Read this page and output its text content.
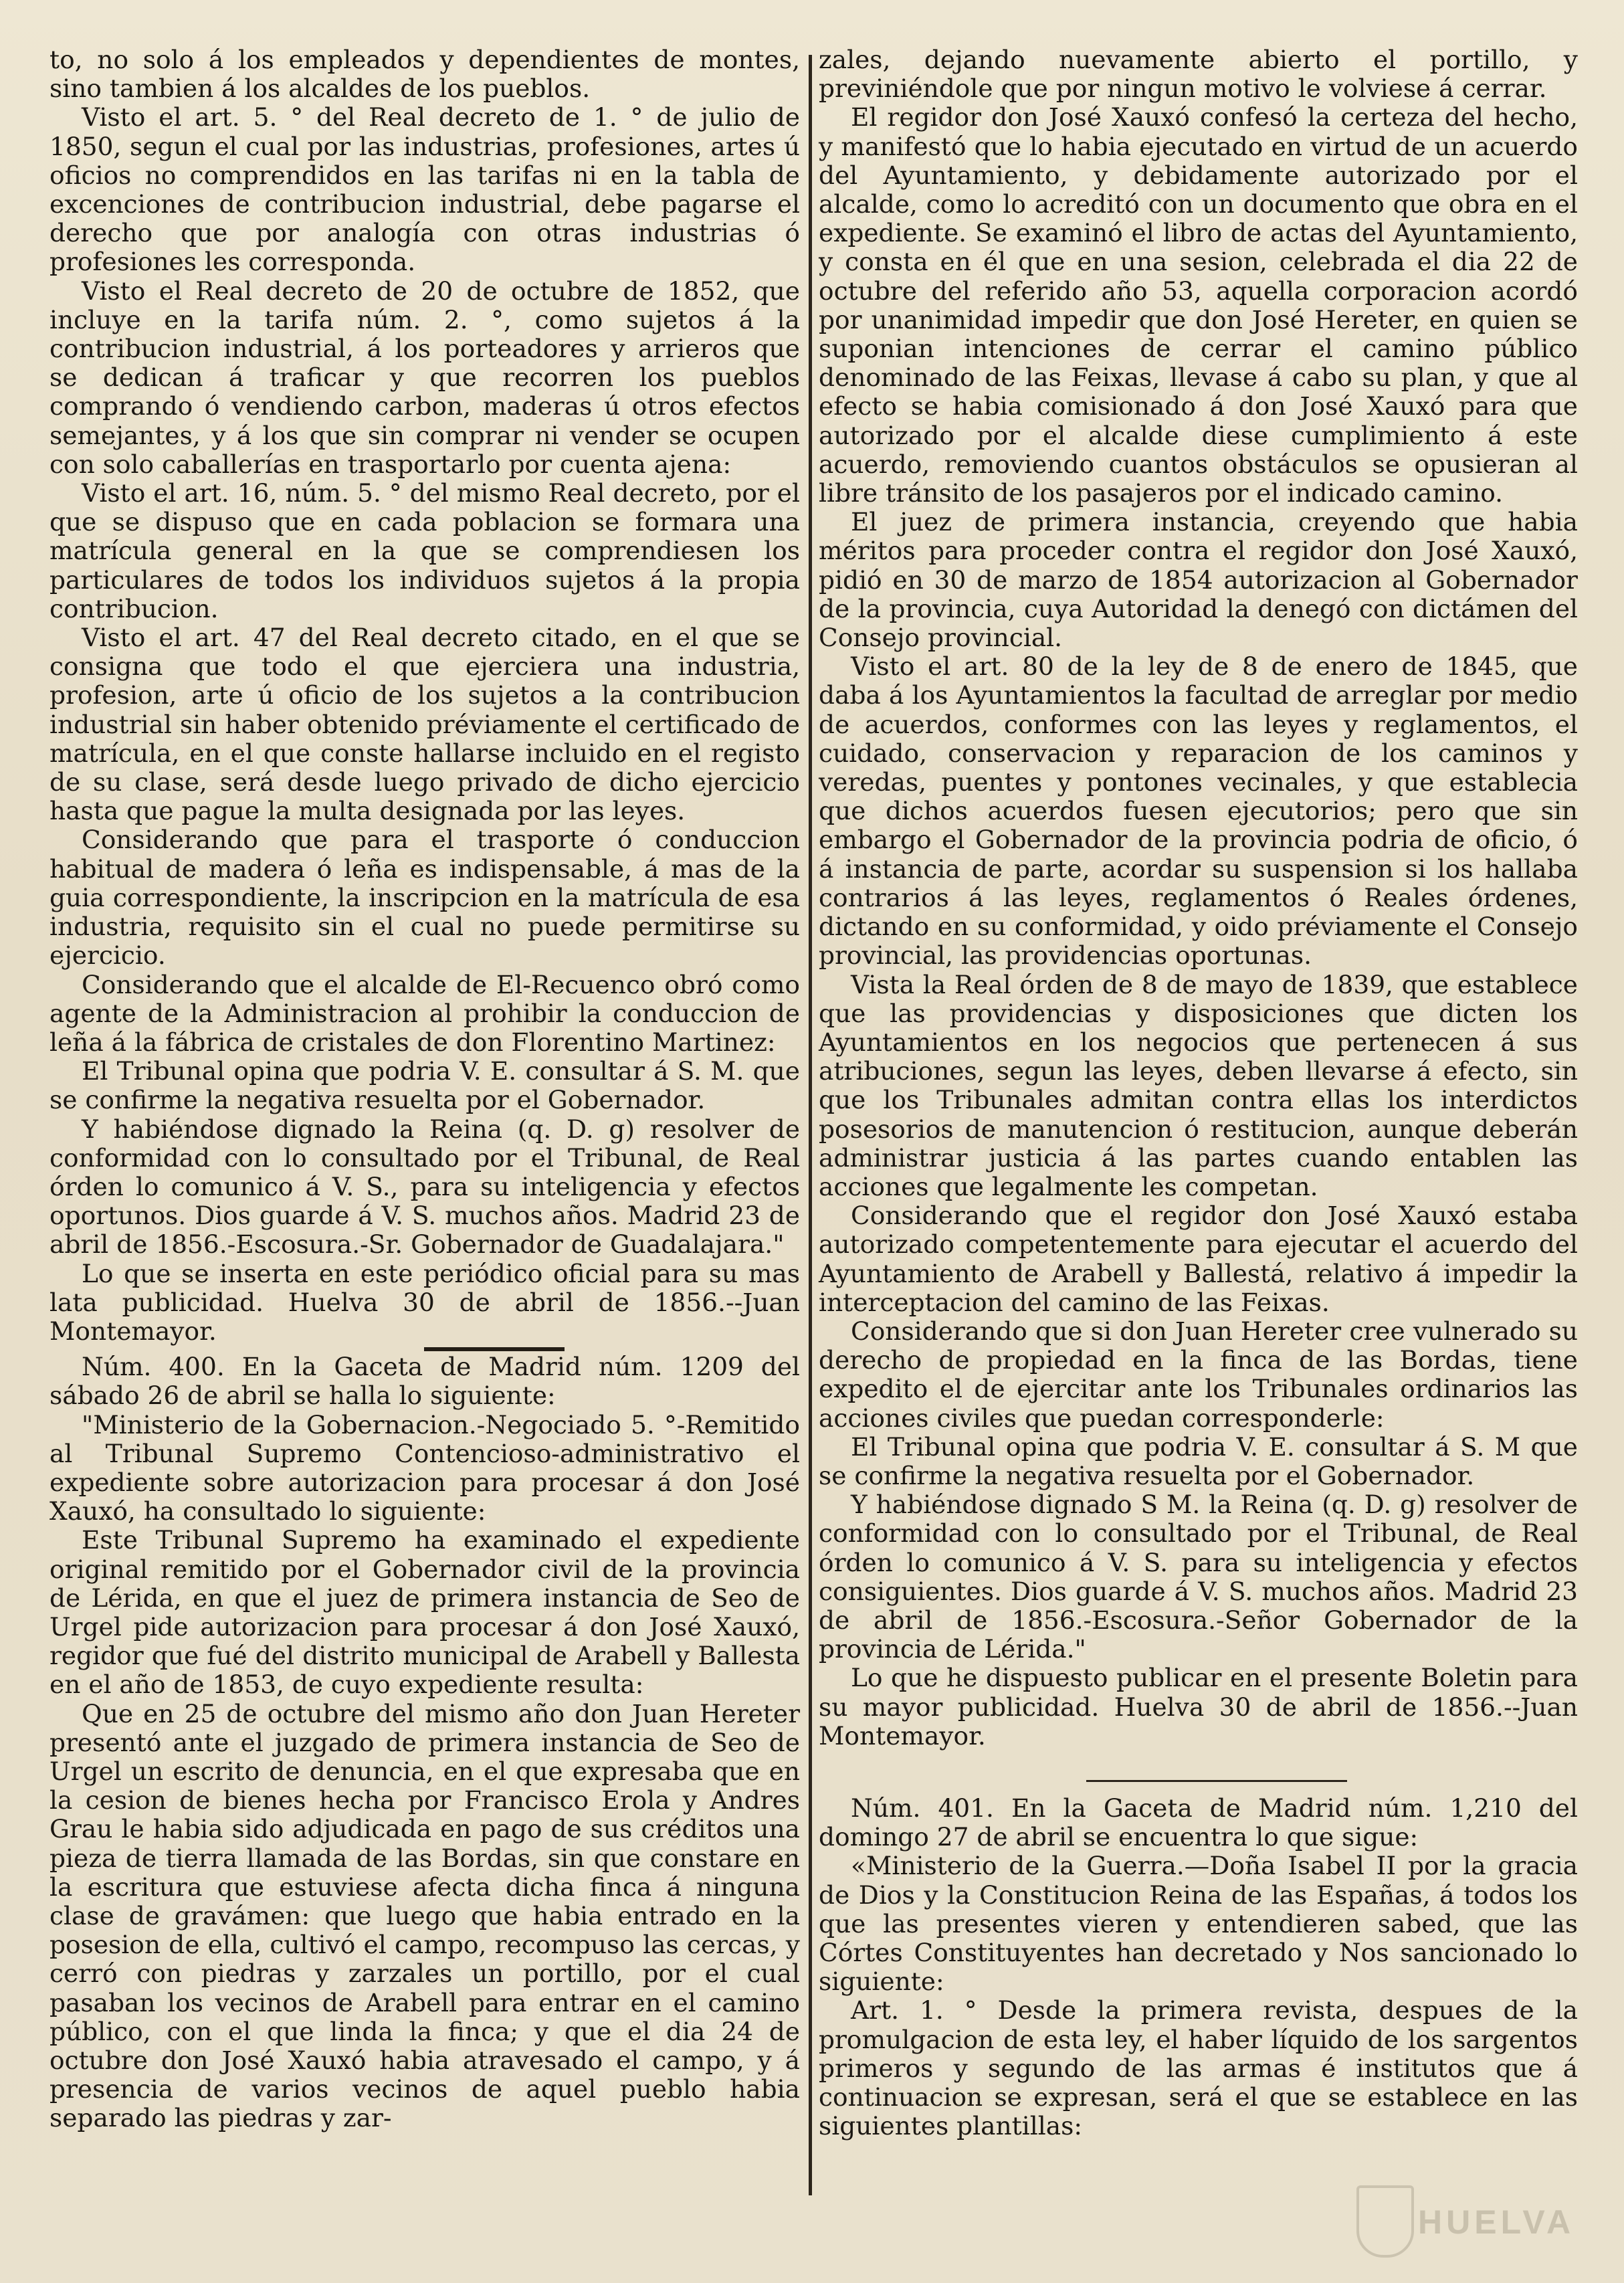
to, no solo á los empleados y dependientes de montes, sino tambien á los alcaldes de los pueblos.

Visto el art. 5. ° del Real decreto de 1. ° de julio de 1850, segun el cual por las industrias, profesiones, artes ú oficios no comprendidos en las tarifas ni en la tabla de excenciones de contribucion industrial, debe pagarse el derecho que por analogía con otras industrias ó profesiones les corresponda.

Visto el Real decreto de 20 de octubre de 1852, que incluye en la tarifa núm. 2. °, como sujetos á la contribucion industrial, á los porteadores y arrieros que se dedican á traficar y que recorren los pueblos comprando ó vendiendo carbon, maderas ú otros efectos semejantes, y á los que sin comprar ni vender se ocupen con solo caballerías en trasportarlo por cuenta ajena:

Visto el art. 16, núm. 5. ° del mismo Real decreto, por el que se dispuso que en cada poblacion se formara una matrícula general en la que se comprendiesen los particulares de todos los individuos sujetos á la propia contribucion.

Visto el art. 47 del Real decreto citado, en el que se consigna que todo el que ejerciera una industria, profesion, arte ú oficio de los sujetos a la contribucion industrial sin haber obtenido préviamente el certificado de matrícula, en el que conste hallarse incluido en el registo de su clase, será desde luego privado de dicho ejercicio hasta que pague la multa designada por las leyes.

Considerando que para el trasporte ó conduccion habitual de madera ó leña es indispensable, á mas de la guia correspondiente, la inscripcion en la matrícula de esa industria, requisito sin el cual no puede permitirse su ejercicio.

Considerando que el alcalde de El-Recuenco obró como agente de la Administracion al prohibir la conduccion de leña á la fábrica de cristales de don Florentino Martinez:

El Tribunal opina que podria V. E. consultar á S. M. que se confirme la negativa resuelta por el Gobernador.

Y habiéndose dignado la Reina (q. D. g) resolver de conformidad con lo consultado por el Tribunal, de Real órden lo comunico á V. S., para su inteligencia y efectos oportunos. Dios guarde á V. S. muchos años. Madrid 23 de abril de 1856.-Escosura.-Sr. Gobernador de Guadalajara."

Lo que se inserta en este periódico oficial para su mas lata publicidad. Huelva 30 de abril de 1856.--Juan Montemayor.

Núm. 400. En la Gaceta de Madrid núm. 1209 del sábado 26 de abril se halla lo siguiente:

"Ministerio de la Gobernacion.-Negociado 5. °-Remitido al Tribunal Supremo Contencioso-administrativo el expediente sobre autorizacion para procesar á don José Xauxó, ha consultado lo siguiente:

Este Tribunal Supremo ha examinado el expediente original remitido por el Gobernador civil de la provincia de Lérida, en que el juez de primera instancia de Seo de Urgel pide autorizacion para procesar á don José Xauxó, regidor que fué del distrito municipal de Arabell y Ballesta en el año de 1853, de cuyo expediente resulta:

Que en 25 de octubre del mismo año don Juan Hereter presentó ante el juzgado de primera instancia de Seo de Urgel un escrito de denuncia, en el que expresaba que en la cesion de bienes hecha por Francisco Erola y Andres Grau le habia sido adjudicada en pago de sus créditos una pieza de tierra llamada de las Bordas, sin que constare en la escritura que estuviese afecta dicha finca á ninguna clase de gravámen: que luego que habia entrado en la posesion de ella, cultivó el campo, recompuso las cercas, y cerró con piedras y zarzales un portillo, por el cual pasaban los vecinos de Arabell para entrar en el camino público, con el que linda la finca; y que el dia 24 de octubre don José Xauxó habia atravesado el campo, y á presencia de varios vecinos de aquel pueblo habia separado las piedras y zar-

zales, dejando nuevamente abierto el portillo, y previniéndole que por ningun motivo le volviese á cerrar.

El regidor don José Xauxó confesó la certeza del hecho, y manifestó que lo habia ejecutado en virtud de un acuerdo del Ayuntamiento, y debidamente autorizado por el alcalde, como lo acreditó con un documento que obra en el expediente. Se examinó el libro de actas del Ayuntamiento, y consta en él que en una sesion, celebrada el dia 22 de octubre del referido año 53, aquella corporacion acordó por unanimidad impedir que don José Hereter, en quien se suponian intenciones de cerrar el camino público denominado de las Feixas, llevase á cabo su plan, y que al efecto se habia comisionado á don José Xauxó para que autorizado por el alcalde diese cumplimiento á este acuerdo, removiendo cuantos obstáculos se opusieran al libre tránsito de los pasajeros por el indicado camino.

El juez de primera instancia, creyendo que habia méritos para proceder contra el regidor don José Xauxó, pidió en 30 de marzo de 1854 autorizacion al Gobernador de la provincia, cuya Autoridad la denegó con dictámen del Consejo provincial.

Visto el art. 80 de la ley de 8 de enero de 1845, que daba á los Ayuntamientos la facultad de arreglar por medio de acuerdos, conformes con las leyes y reglamentos, el cuidado, conservacion y reparacion de los caminos y veredas, puentes y pontones vecinales, y que establecia que dichos acuerdos fuesen ejecutorios; pero que sin embargo el Gobernador de la provincia podria de oficio, ó á instancia de parte, acordar su suspension si los hallaba contrarios á las leyes, reglamentos ó Reales órdenes, dictando en su conformidad, y oido préviamente el Consejo provincial, las providencias oportunas.

Vista la Real órden de 8 de mayo de 1839, que establece que las providencias y disposiciones que dicten los Ayuntamientos en los negocios que pertenecen á sus atribuciones, segun las leyes, deben llevarse á efecto, sin que los Tribunales admitan contra ellas los interdictos posesorios de manutencion ó restitucion, aunque deberán administrar justicia á las partes cuando entablen las acciones que legalmente les competan.

Considerando que el regidor don José Xauxó estaba autorizado competentemente para ejecutar el acuerdo del Ayuntamiento de Arabell y Ballestá, relativo á impedir la interceptacion del camino de las Feixas.

Considerando que si don Juan Hereter cree vulnerado su derecho de propiedad en la finca de las Bordas, tiene expedito el de ejercitar ante los Tribunales ordinarios las acciones civiles que puedan corresponderle:

El Tribunal opina que podria V. E. consultar á S. M que se confirme la negativa resuelta por el Gobernador.

Y habiéndose dignado S M. la Reina (q. D. g) resolver de conformidad con lo consultado por el Tribunal, de Real órden lo comunico á V. S. para su inteligencia y efectos consiguientes. Dios guarde á V. S. muchos años. Madrid 23 de abril de 1856.-Escosura.-Señor Gobernador de la provincia de Lérida."

Lo que he dispuesto publicar en el presente Boletin para su mayor publicidad. Huelva 30 de abril de 1856.--Juan Montemayor.

Núm. 401. En la Gaceta de Madrid núm. 1,210 del domingo 27 de abril se encuentra lo que sigue:

«Ministerio de la Guerra.—Doña Isabel II por la gracia de Dios y la Constitucion Reina de las Españas, á todos los que las presentes vieren y entendieren sabed, que las Córtes Constituyentes han decretado y Nos sancionado lo siguiente:

Art. 1. ° Desde la primera revista, despues de la promulgacion de esta ley, el haber líquido de los sargentos primeros y segundo de las armas é institutos que á continuacion se expresan, será el que se establece en las siguientes plantillas:

HUELVA
